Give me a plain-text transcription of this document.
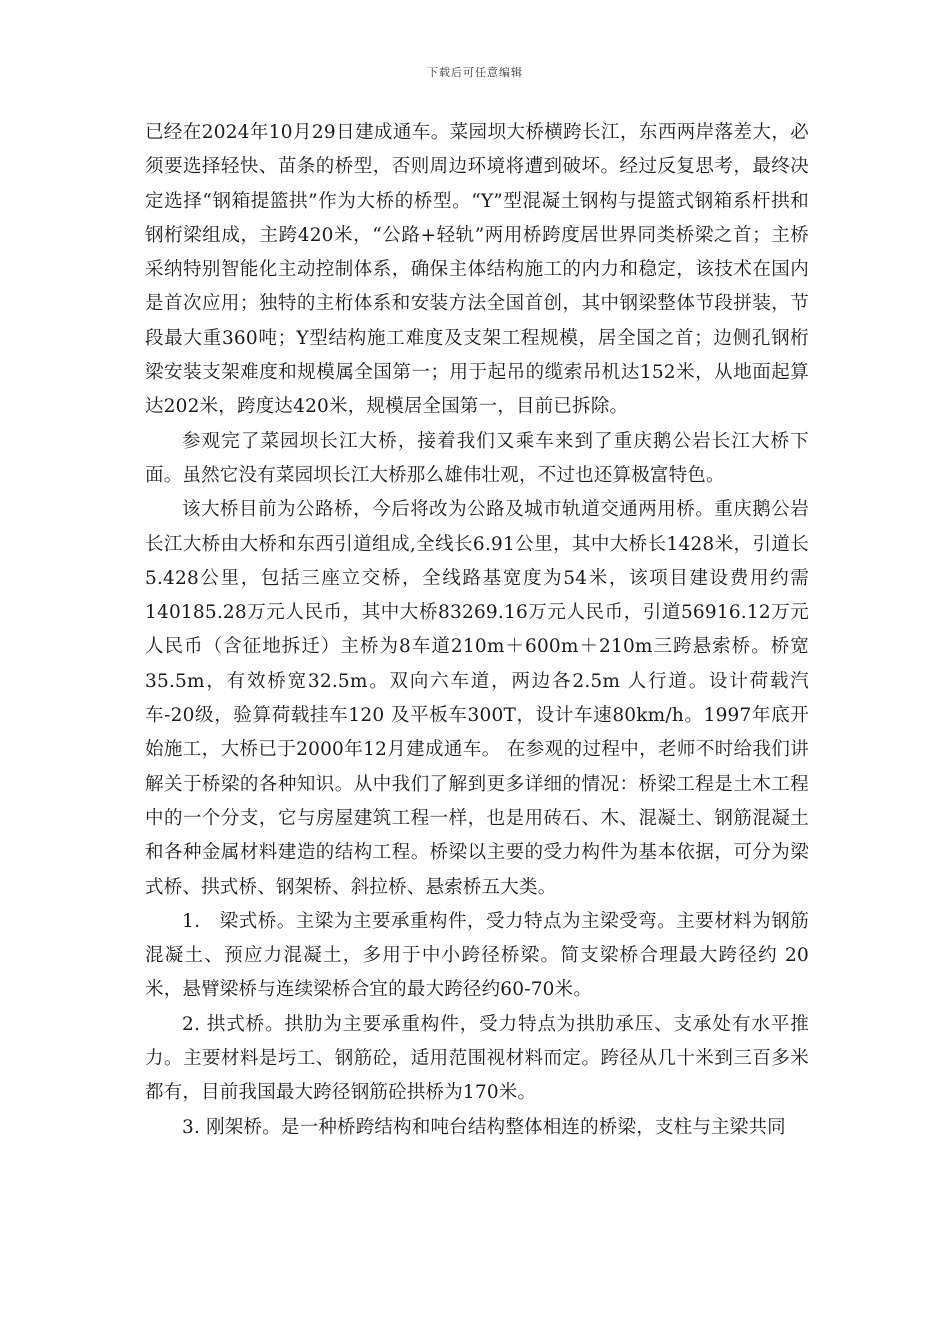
下载后可任意编辑

已经在2024年10月29日建成通车。菜园坝大桥横跨长江，东西两岸落差大，必须要选择轻快、苗条的桥型，否则周边环境将遭到破坏。经过反复思考，最终决定选择“钢箱提篮拱”作为大桥的桥型。“Y”型混凝土钢构与提篮式钢箱系杆拱和钢桁梁组成，主跨420米，“公路+轻轨”两用桥跨度居世界同类桥梁之首；主桥采纳特别智能化主动控制体系，确保主体结构施工的内力和稳定，该技术在国内是首次应用；独特的主桁体系和安装方法全国首创，其中钢梁整体节段拼装，节段最大重360吨；Y型结构施工难度及支架工程规模，居全国之首；边侧孔钢桁梁安装支架难度和规模属全国第一；用于起吊的缆索吊机达152米，从地面起算达202米，跨度达420米，规模居全国第一，目前已拆除。

参观完了菜园坝长江大桥，接着我们又乘车来到了重庆鹅公岩长江大桥下面。虽然它没有菜园坝长江大桥那么雄伟壮观，不过也还算极富特色。

该大桥目前为公路桥，今后将改为公路及城市轨道交通两用桥。重庆鹅公岩长江大桥由大桥和东西引道组成,全线长6.91公里，其中大桥长1428米，引道长5.428公里，包括三座立交桥，全线路基宽度为54米，该项目建设费用约需140185.28万元人民币，其中大桥83269.16万元人民币，引道56916.12万元人民币（含征地拆迁）主桥为8车道210m＋600m＋210m三跨悬索桥。桥宽35.5m，有效桥宽32.5m。双向六车道，两边各2.5m 人行道。设计荷载汽车-20级，验算荷载挂车120 及平板车300T，设计车速80km/h。1997年底开始施工，大桥已于2000年12月建成通车。 在参观的过程中，老师不时给我们讲解关于桥梁的各种知识。从中我们了解到更多详细的情况：桥梁工程是土木工程中的一个分支，它与房屋建筑工程一样，也是用砖石、木、混凝土、钢筋混凝土和各种金属材料建造的结构工程。桥梁以主要的受力构件为基本依据，可分为梁式桥、拱式桥、钢架桥、斜拉桥、悬索桥五大类。

1． 梁式桥。主梁为主要承重构件，受力特点为主梁受弯。主要材料为钢筋混凝土、预应力混凝土，多用于中小跨径桥梁。简支梁桥合理最大跨径约 20米，悬臂梁桥与连续梁桥合宜的最大跨径约60-70米。

2. 拱式桥。拱肋为主要承重构件，受力特点为拱肋承压、支承处有水平推力。主要材料是圬工、钢筋砼，适用范围视材料而定。跨径从几十米到三百多米都有，目前我国最大跨径钢筋砼拱桥为170米。

3. 刚架桥。是一种桥跨结构和吨台结构整体相连的桥梁，支柱与主梁共同
